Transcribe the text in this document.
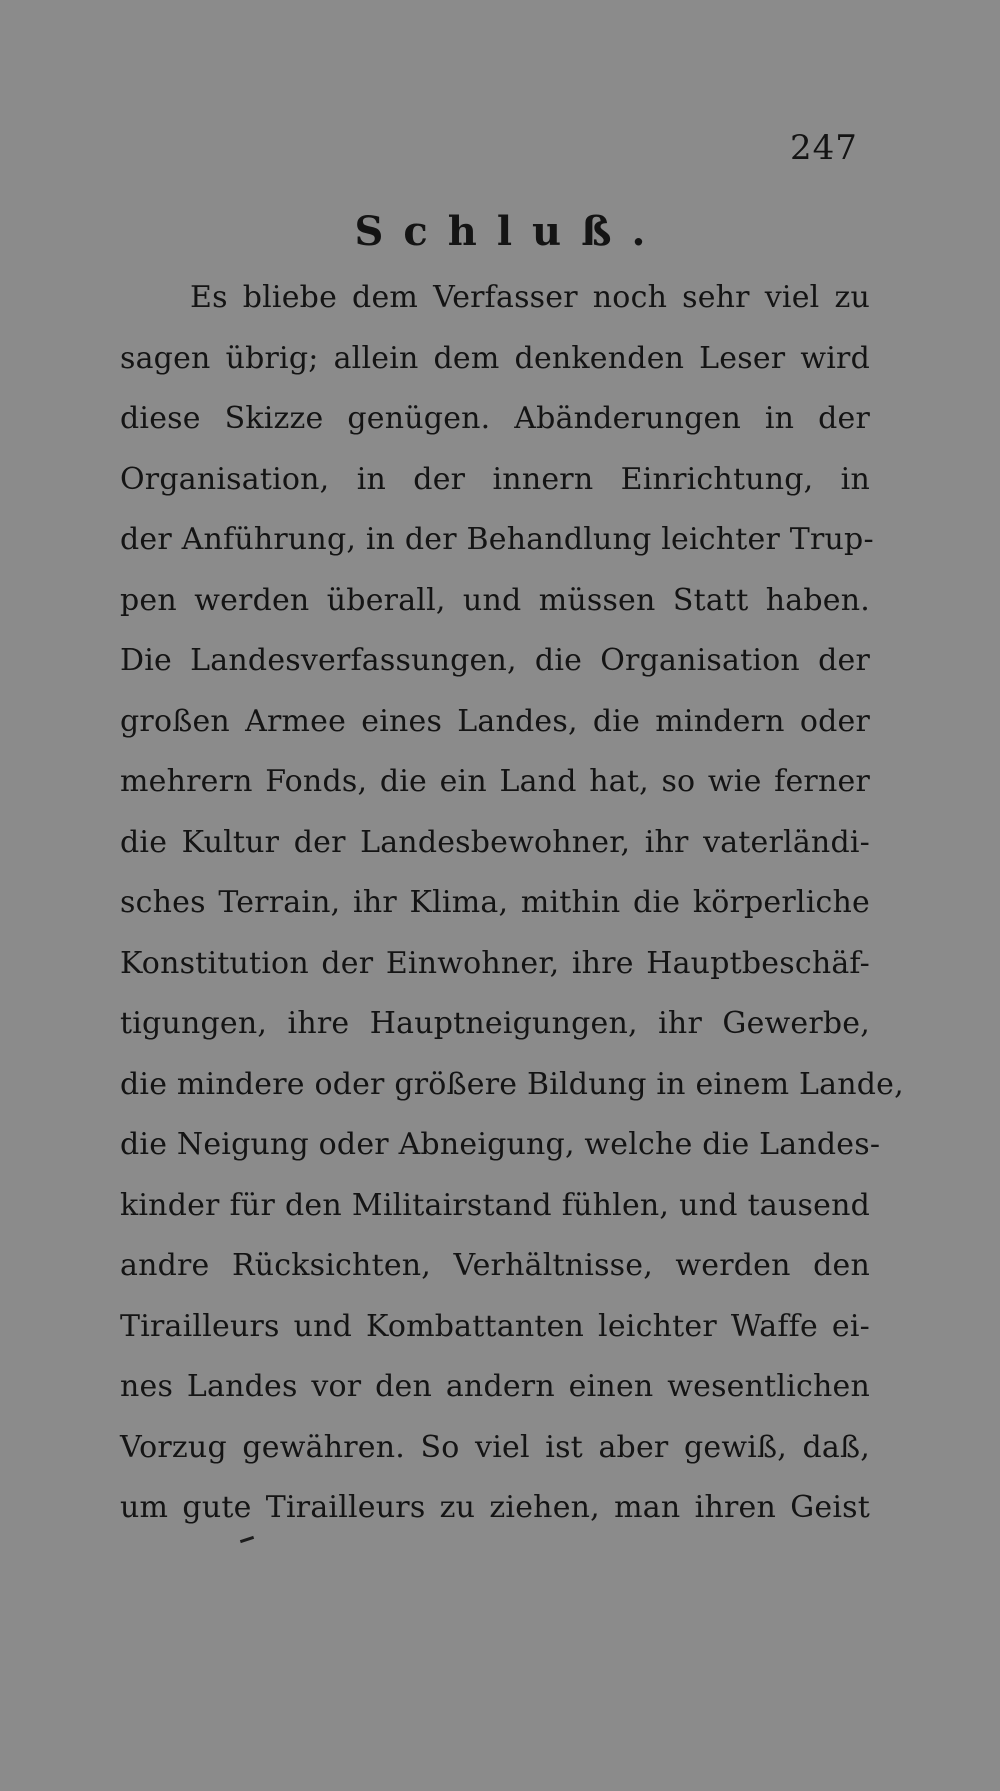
247
Schluß.
Es bliebe dem Verfasser noch sehr viel zu
sagen übrig; allein dem denkenden Leser wird
diese Skizze genügen. Abänderungen in der
Organisation, in der innern Einrichtung, in
der Anführung, in der Behandlung leichter Trup-
pen werden überall, und müssen Statt haben.
Die Landesverfassungen, die Organisation der
großen Armee eines Landes, die mindern oder
mehrern Fonds, die ein Land hat, so wie ferner
die Kultur der Landesbewohner, ihr vaterländi-
sches Terrain, ihr Klima, mithin die körperliche
Konstitution der Einwohner, ihre Hauptbeschäf-
tigungen, ihre Hauptneigungen, ihr Gewerbe,
die mindere oder größere Bildung in einem Lande,
die Neigung oder Abneigung, welche die Landes-
kinder für den Militairstand fühlen, und tausend
andre Rücksichten, Verhältnisse, werden den
Tirailleurs und Kombattanten leichter Waffe ei-
nes Landes vor den andern einen wesentlichen
Vorzug gewähren. So viel ist aber gewiß, daß,
um gute Tirailleurs zu ziehen, man ihren Geist
